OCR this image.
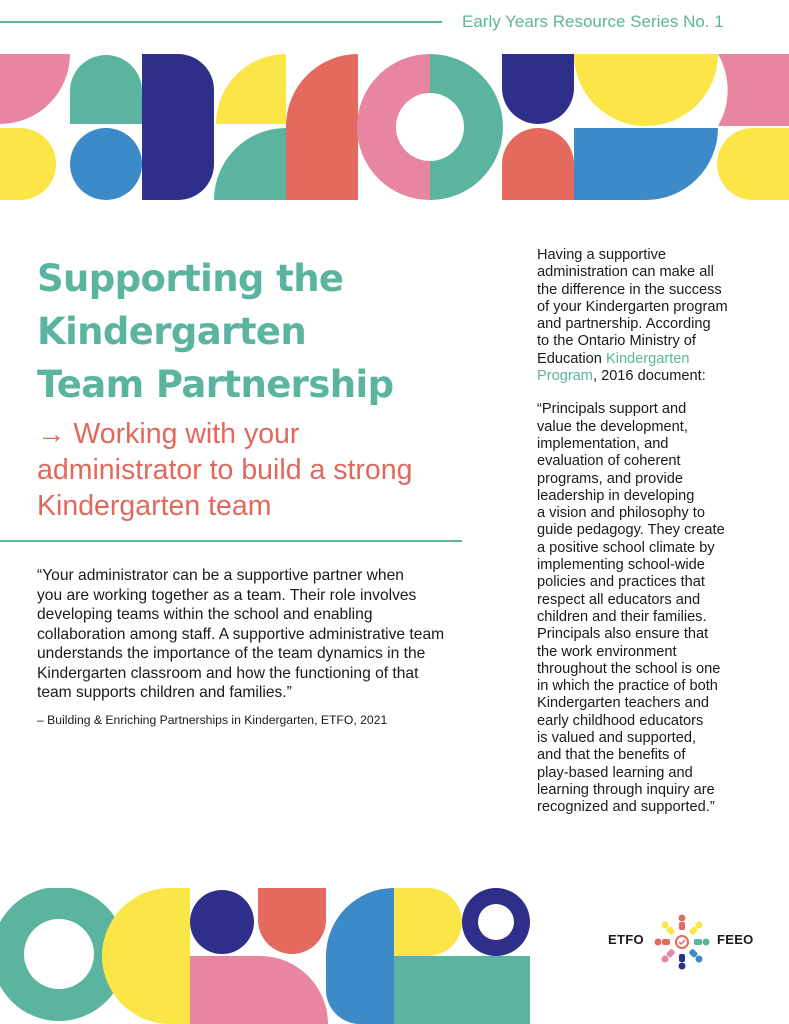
Early Years Resource Series No. 1
Supporting the
Kindergarten
Team Partnership
→ Working with your
administrator to build a strong
Kindergarten team
“Your administrator can be a supportive partner when
you are working together as a team. Their role involves
developing teams within the school and enabling
collaboration among staff. A supportive administrative team
understands the importance of the team dynamics in the
Kindergarten classroom and how the functioning of that
team supports children and families.”
– Building & Enriching Partnerships in Kindergarten, ETFO, 2021

Having a supportive
administration can make all
the difference in the success
of your Kindergarten program
and partnership. According
to the Ontario Ministry of
Education Kindergarten
Program, 2016 document:

“Principals support and
value the development,
implementation, and
evaluation of coherent
programs, and provide
leadership in developing
a vision and philosophy to
guide pedagogy. They create
a positive school climate by
implementing school-wide
policies and practices that
respect all educators and
children and their families.
Principals also ensure that
the work environment
throughout the school is one
in which the practice of both
Kindergarten teachers and
early childhood educators
is valued and supported,
and that the benefits of
play-based learning and
learning through inquiry are
recognized and supported.”

ETFO	FEEO
